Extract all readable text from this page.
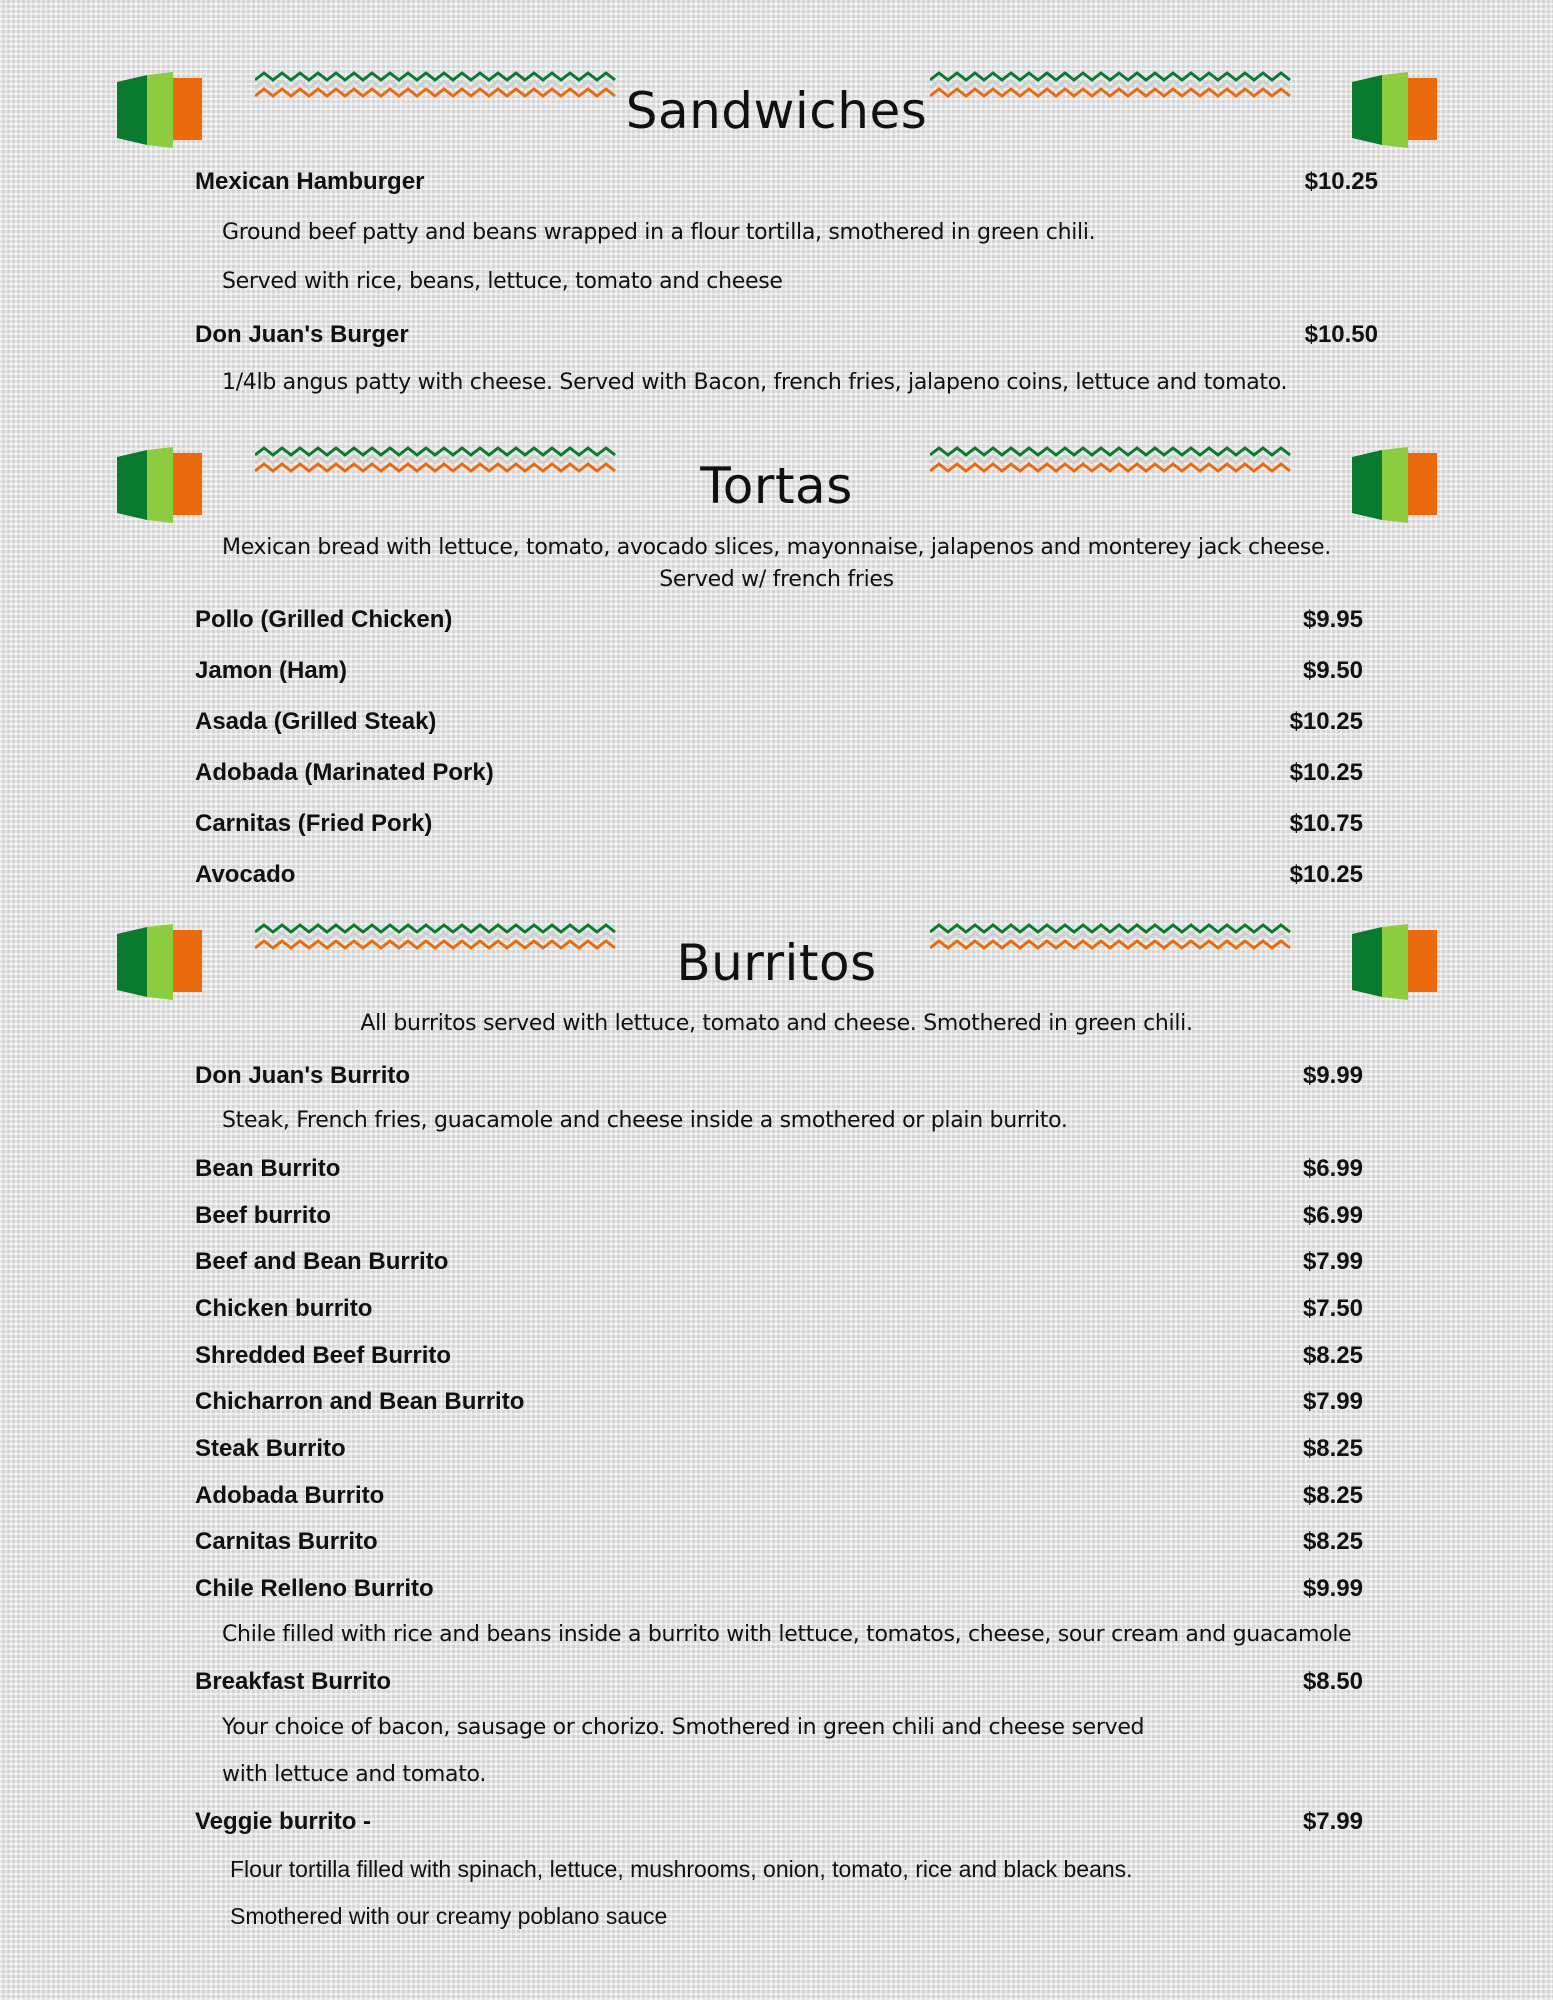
Sandwiches
Mexican Hamburger	$10.25
Ground beef patty and beans wrapped in a flour tortilla, smothered in green chili.
Served with rice, beans, lettuce, tomato and cheese
Don Juan's Burger	$10.50
1/4lb angus patty with cheese. Served with Bacon, french fries, jalapeno coins, lettuce and tomato.
Tortas
Mexican bread with lettuce, tomato, avocado slices, mayonnaise, jalapenos and monterey jack cheese.
Served w/ french fries
Pollo (Grilled Chicken)	$9.95
Jamon (Ham)	$9.50
Asada (Grilled Steak)	$10.25
Adobada (Marinated Pork)	$10.25
Carnitas (Fried Pork)	$10.75
Avocado	$10.25
Burritos
All burritos served with lettuce, tomato and cheese. Smothered in green chili.
Don Juan's Burrito	$9.99
Steak, French fries, guacamole and cheese inside a smothered or plain burrito.
Bean Burrito	$6.99
Beef burrito	$6.99
Beef and Bean Burrito	$7.99
Chicken burrito	$7.50
Shredded Beef Burrito	$8.25
Chicharron and Bean Burrito	$7.99
Steak Burrito	$8.25
Adobada Burrito	$8.25
Carnitas Burrito	$8.25
Chile Relleno Burrito	$9.99
Chile filled with rice and beans inside a burrito with lettuce, tomatos, cheese, sour cream and guacamole
Breakfast Burrito	$8.50
Your choice of bacon, sausage or chorizo. Smothered in green chili and cheese served
with lettuce and tomato.
Veggie burrito -	$7.99
Flour tortilla filled with spinach, lettuce, mushrooms, onion, tomato, rice and black beans.
Smothered with our creamy poblano sauce
